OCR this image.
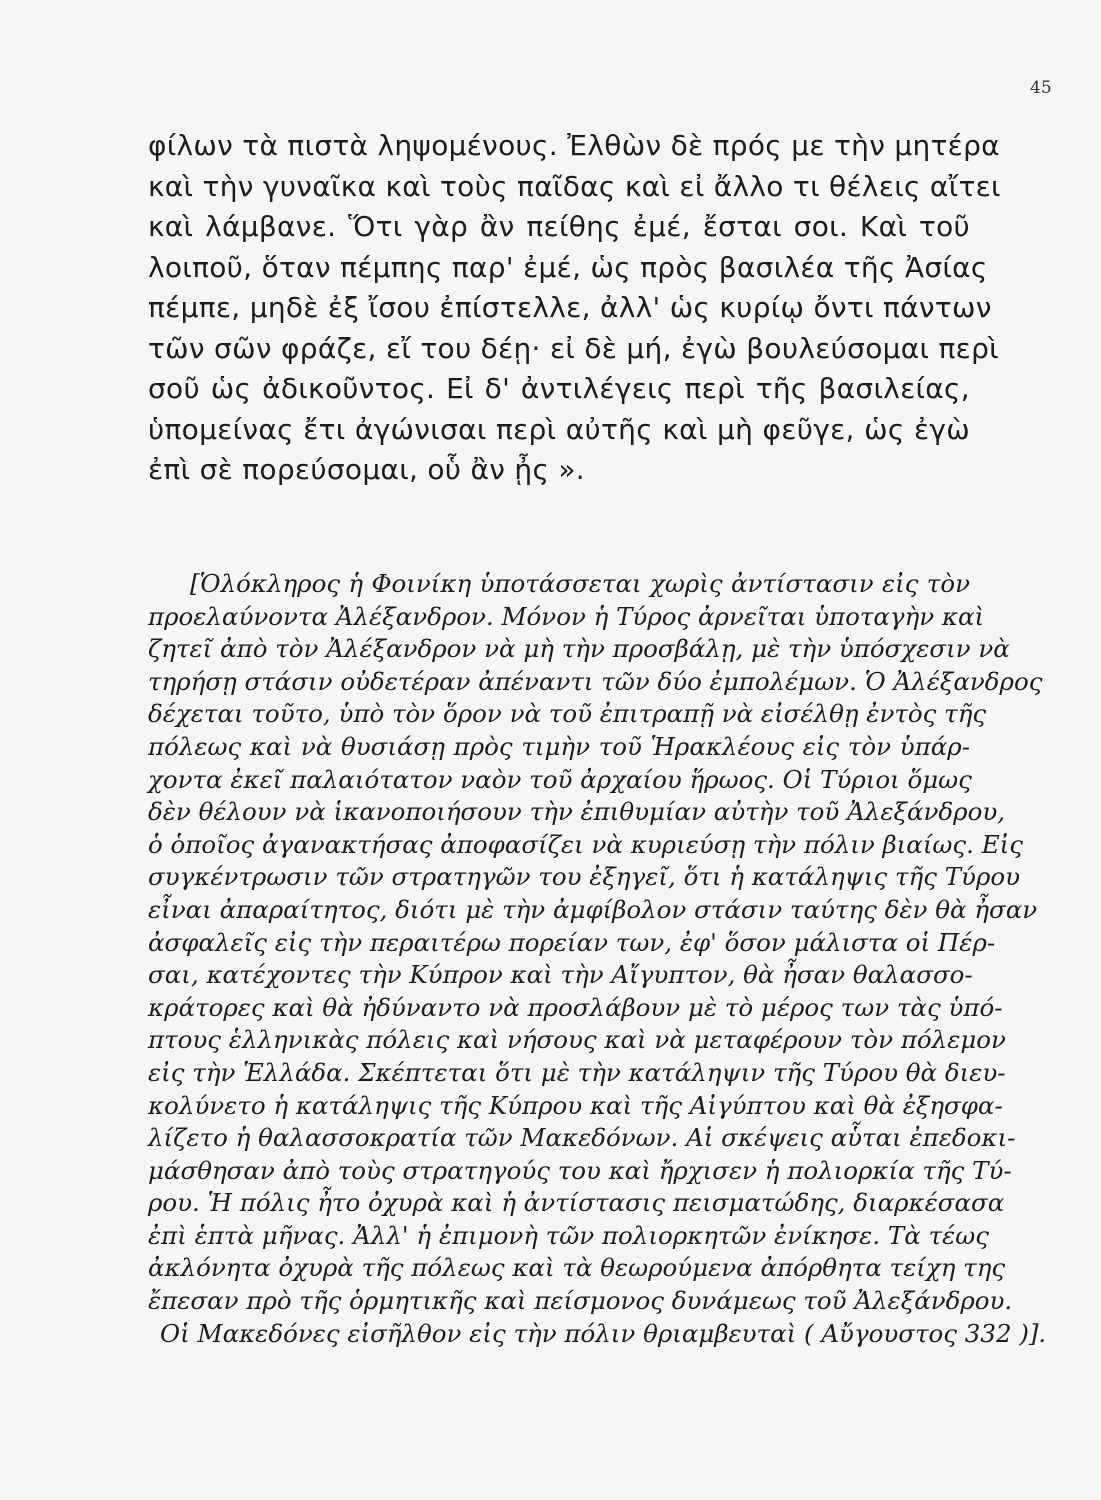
45
φίλων τὰ πιστὰ ληψομένους. Ἐλθὼν δὲ πρός με τὴν μητέρα
καὶ τὴν γυναῖκα καὶ τοὺς παῖδας καὶ εἰ ἄλλο τι θέλεις αἴτει
καὶ λάμβανε. Ὅτι γὰρ ἂν πείθης ἐμέ, ἔσται σοι. Καὶ τοῦ
λοιποῦ, ὅταν πέμπης παρ' ἐμέ, ὡς πρὸς βασιλέα τῆς Ἀσίας
πέμπε, μηδὲ ἐξ ἴσου ἐπίστελλε, ἀλλ' ὡς κυρίῳ ὄντι πάντων
τῶν σῶν φράζε, εἴ του δέῃ· εἰ δὲ μή, ἐγὼ βουλεύσομαι περὶ
σοῦ ὡς ἀδικοῦντος. Εἰ δ' ἀντιλέγεις περὶ τῆς βασιλείας,
ὑπομείνας ἔτι ἀγώνισαι περὶ αὐτῆς καὶ μὴ φεῦγε, ὡς ἐγὼ
ἐπὶ σὲ πορεύσομαι, οὗ ἂν ᾖς ».
[Ὁλόκληρος ἡ Φοινίκη ὑποτάσσεται χωρὶς ἀντίστασιν εἰς τὸν
προελαύνοντα Ἀλέξανδρον. Μόνον ἡ Τύρος ἀρνεῖται ὑποταγὴν καὶ
ζητεῖ ἀπὸ τὸν Ἀλέξανδρον νὰ μὴ τὴν προσβάλῃ, μὲ τὴν ὑπόσχεσιν νὰ
τηρήσῃ στάσιν οὐδετέραν ἀπέναντι τῶν δύο ἐμπολέμων. Ὁ Ἀλέξανδρος
δέχεται τοῦτο, ὑπὸ τὸν ὅρον νὰ τοῦ ἐπιτραπῇ νὰ εἰσέλθῃ ἐντὸς τῆς
πόλεως καὶ νὰ θυσιάσῃ πρὸς τιμὴν τοῦ Ἡρακλέους εἰς τὸν ὑπάρ-
χοντα ἐκεῖ παλαιότατον ναὸν τοῦ ἀρχαίου ἥρωος. Οἱ Τύριοι ὅμως
δὲν θέλουν νὰ ἱκανοποιήσουν τὴν ἐπιθυμίαν αὐτὴν τοῦ Ἀλεξάνδρου,
ὁ ὁποῖος ἀγανακτήσας ἀποφασίζει νὰ κυριεύσῃ τὴν πόλιν βιαίως. Εἰς
συγκέντρωσιν τῶν στρατηγῶν του ἐξηγεῖ, ὅτι ἡ κατάληψις τῆς Τύρου
εἶναι ἀπαραίτητος, διότι μὲ τὴν ἀμφίβολον στάσιν ταύτης δὲν θὰ ἦσαν
ἀσφαλεῖς εἰς τὴν περαιτέρω πορείαν των, ἐφ' ὅσον μάλιστα οἱ Πέρ-
σαι, κατέχοντες τὴν Κύπρον καὶ τὴν Αἴγυπτον, θὰ ἦσαν θαλασσο-
κράτορες καὶ θὰ ἠδύναντο νὰ προσλάβουν μὲ τὸ μέρος των τὰς ὑπό-
πτους ἑλληνικὰς πόλεις καὶ νήσους καὶ νὰ μεταφέρουν τὸν πόλεμον
εἰς τὴν Ἑλλάδα. Σκέπτεται ὅτι μὲ τὴν κατάληψιν τῆς Τύρου θὰ διευ-
κολύνετο ἡ κατάληψις τῆς Κύπρου καὶ τῆς Αἰγύπτου καὶ θὰ ἐξησφα-
λίζετο ἡ θαλασσοκρατία τῶν Μακεδόνων. Αἱ σκέψεις αὗται ἐπεδοκι-
μάσθησαν ἀπὸ τοὺς στρατηγούς του καὶ ἤρχισεν ἡ πολιορκία τῆς Τύ-
ρου. Ἡ πόλις ἦτο ὀχυρὰ καὶ ἡ ἀντίστασις πεισματώδης, διαρκέσασα
ἐπὶ ἑπτὰ μῆνας. Ἀλλ' ἡ ἐπιμονὴ τῶν πολιορκητῶν ἐνίκησε. Τὰ τέως
ἀκλόνητα ὀχυρὰ τῆς πόλεως καὶ τὰ θεωρούμενα ἀπόρθητα τείχη της
ἔπεσαν πρὸ τῆς ὁρμητικῆς καὶ πείσμονος δυνάμεως τοῦ Ἀλεξάνδρου.
Οἱ Μακεδόνες εἰσῆλθον εἰς τὴν πόλιν θριαμβευταὶ ( Αὔγουστος 332 )].
